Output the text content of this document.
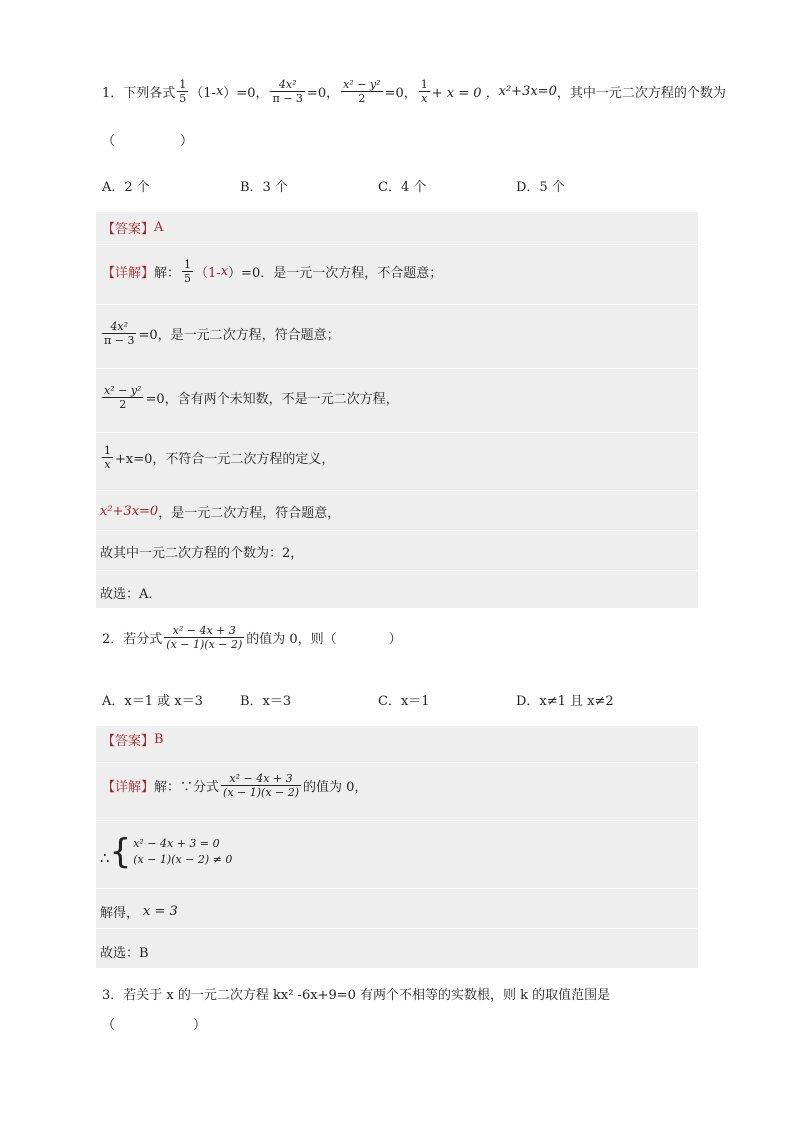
1．下列各式 $\frac{1}{5} (1-$ x ）=0， $\frac{\text{4x²}}{\pi - 3} =0$， $\frac{\text{x² − y²}}{2} =0$， $\frac{1}{x} + x = 0$ ， x²+3x=0 ，其中一元二次方程的个数为
（　　　　　）
A．2 个	B．3 个	C．4 个	D．5 个
【答案】 A
【详解】 解： $\frac{1}{5} (1-$ x ）=0．是一元一次方程，不合题意；
$\frac{\text{4x²}}{\pi - 3} =0$，是一元二次方程，符合题意；
$\frac{\text{x² − y²}}{2} =0$，含有两个未知数，不是一元二次方程，
$\frac{1}{x} +x=0$，不符合一元二次方程的定义，
x²+3x=0 ，是一元二次方程，符合题意，
故其中一元二次方程的个数为：2，
故选：A．
2．若分式 $\frac{\text{x² − 4x + 3}}{(x - 1)(x - 2)}$ 的值为 0，则（　　　　）
A．x＝1 或 x＝3	B．x＝3	C．x＝1	D．x≠1 且 x≠2
【答案】 B
【详解】 解：∵分式 $\frac{\text{x² − 4x + 3}}{(x - 1)(x - 2)}$ 的值为 0，
∴ { x² − 4x + 3 = 0
(x − 1)(x − 2) ≠ 0
解得， x = 3
故选：B
3．若关于 x 的一元二次方程 kx² -6x+9=0 有两个不相等的实数根，则 k 的取值范围是
（　　　　　　）
